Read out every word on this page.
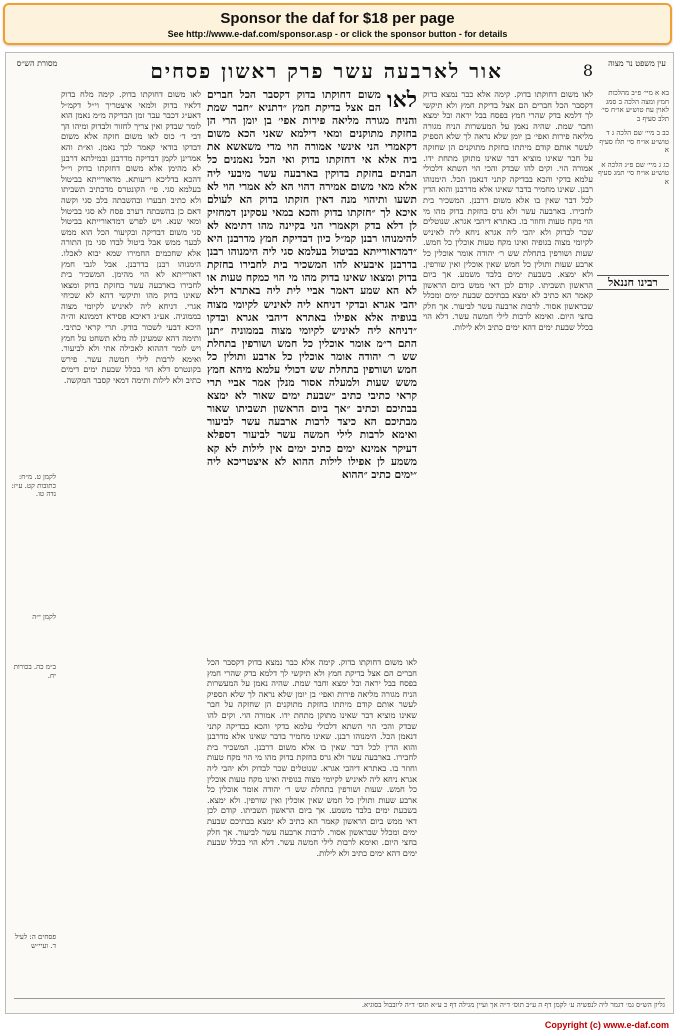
Sponsor the daf for $18 per page
See http://www.e-daf.com/sponsor.asp - or click the sponsor button - for details
עין משפט נר מצוה
8
אור לארבעה עשר פרק ראשון פסחים
מסורת הש״ס
בא א מיי׳ פ״ב מהלכות חמץ ומצה הלכה ב סמג לאוין עח טוש״ע או״ח סי׳ תלב סעיף ב
כב ב מיי׳ שם הלכה ג ד טוש״ע או״ח סי׳ תלז סעיף א
כג ג מיי׳ שם פ״ג הלכה א טוש״ע או״ח סי׳ תמג סעיף א
רבינו חננאל
לאו משום דחוקתו בדוק. קימה אלא כבר נמצא בדוק דקסבר הכל חברים הם אצל בדיקת חמץ ולא תיקשי לך דלמא בדק שהרי חמץ בפסח בבל יראה ובל ימצא וחבר שמת. שהיה נאמן על המעשרות הניח מגורה מליאה פירות ואפי׳ בן יומן שלא נראה לך שלא הספיק לעשר אותם קודם מיתתו בחזקת מתוקנים הן שחזקה על חבר שאינו מוציא דבר שאינו מתוקן מתחת ידו. אמורה הוי. וקים להו שבדק והכי הוי השתא דלכולי עלמא בדקי והכא בבדיקה קתני דנאמן הכל. הימנוהו רבנן. שאינו מחמיר בדבר שאינו אלא מדרבנן והוא הדין לכל דבר שאין בו אלא משום דרבנן. המשכיר בית לחבירו. בארבעה עשר ולא גרס בחזקת בדוק מהו מי הוי מקח טעות וחוזר בו. באתרא דיהבי אגרא. שנוטלים שכר לבדוק ולא יהבי ליה אגרא ניחא ליה לאיניש לקיומי מצוה בגופיה ואינו מקח טעות אוכלין כל חמש. שעות ושורפין בתחלת שש ר׳ יהודה אומר אוכלין כל ארבע שעות ותולין כל חמש שאין אוכלין ואין שורפין. ולא ימצא. בשבעת ימים בלבד משמע. אך ביום הראשון תשביתו. קודם לכן דאי ממש ביום הראשון קאמר הא כתיב לא ימצא בבתיכם שבעת ימים ומכלל שבראשון אסור. לרבות ארבעה עשר לביעור. אך חלק בחצי היום. ואימא לרבות לילי חמשה עשר. דלא הוי בכלל שבעת ימים דהא ימים כתיב ולא לילות.
לאו
משום דחוקתו בדוק דקסבר הכל חברים הם אצל בדיקת חמץ ״דתניא ״חבר שמת והניח מגורה מליאה פירות אפי׳ בן יומן הרי הן בחזקת מתוקנים ומאי דילמא שאני הכא משום דקאמרי הני אינשי אמורה הוי מדי משאשא את ביה אלא אי דחזקתו בדוק ואי הכל נאמנים כל הבתים בחזקת בדוקין בארבעה עשר מיבעי ליה אלא מאי משום אמירה דהוי הא לא אמרי הוי לא תשעו ותיהוי מנה דאין חזקתו בדוק הא לעולם איכא לך ״חזקתו בדוק והכא במאי עסקינן דמחזיק לן דלא בדק וקאמרי הני בקיינה מהו דתימא לא להימנוהו רבנן קמ״ל כיון דבדיקת חמץ מדרבנן היא ״דמדאורייתא בביטול בעלמא סגי ליה הימנוהו רבנן בדרבנן איבעיא להו המשכיר בית לחבירו בחזקת בדוק ומצאו שאינו בדוק מהו מי הוי כמקח טעות או לא הא שמע דאמר אביי לית ליה באתרא דלא יהבי אגרא ובדקי דניחא ליה לאיניש לקיומי מצוה בגופיה אלא אפילו באתרא דיהבי אגרא ובדקו ״דניחא ליה לאיניש לקיומי מצוה בממוניה ״תנן התם ר״מ אומר אוכלין כל חמש ושורפין בתחלת שש ר׳ יהודה אומר אוכלין כל ארבע ותולין כל חמש ושורפין בתחלת שש דכולי עלמא מיהא חמץ משש שעות ולמעלה אסור מנלן אמר אביי תרי קראי כתיבי כתיב ״שבעת ימים שאור לא ימצא בבתיכם וכתיב ״אך ביום הראשון תשביתו שאור מבתיכם הא כיצד לרבות ארבעה עשר לביעור ואימא לרבות לילי חמשה עשר לביעור דספלא דעיקר אמינא ימים כתיב ימים אין לילות לא קא משמע לן אפילו לילות ההוא לא איצטריכא ליה ״ימים כתיב ״ההוא
לאו משום דחוקתו בדוק. קימה מלח בדוק דלאיו בדוק ולמאי איצטריך וי״ל דקמ״ל דאע״ג דכבר עבר זמן הבדיקה מ״מ נאמן הוא לומר שבדק ואין צריך לחזור ולבדוק ומיהו הך דבי ד׳ כוס לאו משום חזקה אלא משום דבדקו בודאי קאמר לכך נאמן. וא״ת והא אמרינן לקמן דבדיקה מדרבנן ובמילתא דרבנן לא מהימן אלא משום דחזקתו בדוק וי״ל דהכא בדליכא ריעותא. מדאורייתא בביטול בעלמא סגי. פי׳ הקונטרס מדכתיב תשביתו ולא כתיב תבערו ובהשבתה בלב סגי וקשה דאם כן בהשבתה דערב פסח לא סגי בביטול ומאי שנא. ויש לפרש דמדאורייתא בביטול סגי משום דבדיקה ובקיעור הכל הוא ממש לבער ממש אבל ביטול לבדו סגי מן התורה אלא שחכמים החמירו שמא יבוא לאכלו. הימנוהו רבנן בדרבנן. אבל לגבי חמץ דאורייתא לא הוי מהימן. המשכיר בית לחבירו בארבעה עשר בחזקת בדוק ומצאו שאינו בדוק מהו ותיקשי דהא לא שכיחי אגרי. דניחא ליה לאיניש לקיומי מצוה בממוניה. אע״ג דאיכא פסידא דממונא וה״ה היכא דבעי לשכור בודק. תרי קראי כתיבי. ותימה דהא שמעינן לה מלא תשחט על חמץ ויש לומר דההוא לאכילה אתי ולא לביעור. ואימא לרבות לילי חמשה עשר. פירש בקונטרס דלא הוי בכלל שבעת ימים דימים כתיב ולא לילות ותימה דמאי קסבר המקשה.
לקמן ט. מ״ח: כתובות קט. ע״ז: נדה טו.
לקמן י״ה
ב״מ כה. בכורות יח.
פסחים ה: לעיל ד. ועיי״ש
לאו משום דחוקתו בדוק. קימה אלא כבר נמצא בדוק דקסבר הכל חברים הם אצל בדיקת חמץ ולא תיקשי לך דלמא בדק שהרי חמץ בפסח בבל יראה ובל ימצא וחבר שמת. שהיה נאמן על המעשרות הניח מגורה מליאה פירות ואפי׳ בן יומן שלא נראה לך שלא הספיק לעשר אותם קודם מיתתו בחזקת מתוקנים הן שחזקה על חבר שאינו מוציא דבר שאינו מתוקן מתחת ידו. אמורה הוי. וקים להו שבדק והכי הוי השתא דלכולי עלמא בדקי והכא בבדיקה קתני דנאמן הכל. הימנוהו רבנן. שאינו מחמיר בדבר שאינו אלא מדרבנן והוא הדין לכל דבר שאין בו אלא משום דרבנן. המשכיר בית לחבירו. בארבעה עשר ולא גרס בחזקת בדוק מהו מי הוי מקח טעות וחוזר בו. באתרא דיהבי אגרא. שנוטלים שכר לבדוק ולא יהבי ליה אגרא ניחא ליה לאיניש לקיומי מצוה בגופיה ואינו מקח טעות אוכלין כל חמש. שעות ושורפין בתחלת שש ר׳ יהודה אומר אוכלין כל ארבע שעות ותולין כל חמש שאין אוכלין ואין שורפין. ולא ימצא. בשבעת ימים בלבד משמע. אך ביום הראשון תשביתו. קודם לכן דאי ממש ביום הראשון קאמר הא כתיב לא ימצא בבתיכם שבעת ימים ומכלל שבראשון אסור. לרבות ארבעה עשר לביעור. אך חלק בחצי היום. ואימא לרבות לילי חמשה עשר. דלא הוי בכלל שבעת ימים דהא ימים כתיב ולא לילות.
גליון הש״ס גמ׳ דגמר ליה לנפשיה ע׳ לקמן דף ה ע״ב תוס׳ ד״ה אך ועיין מגילה דף כ ע״א תוס׳ ד״ה ליובבול בסוגיא.
Copyright (c) www.e-daf.com
